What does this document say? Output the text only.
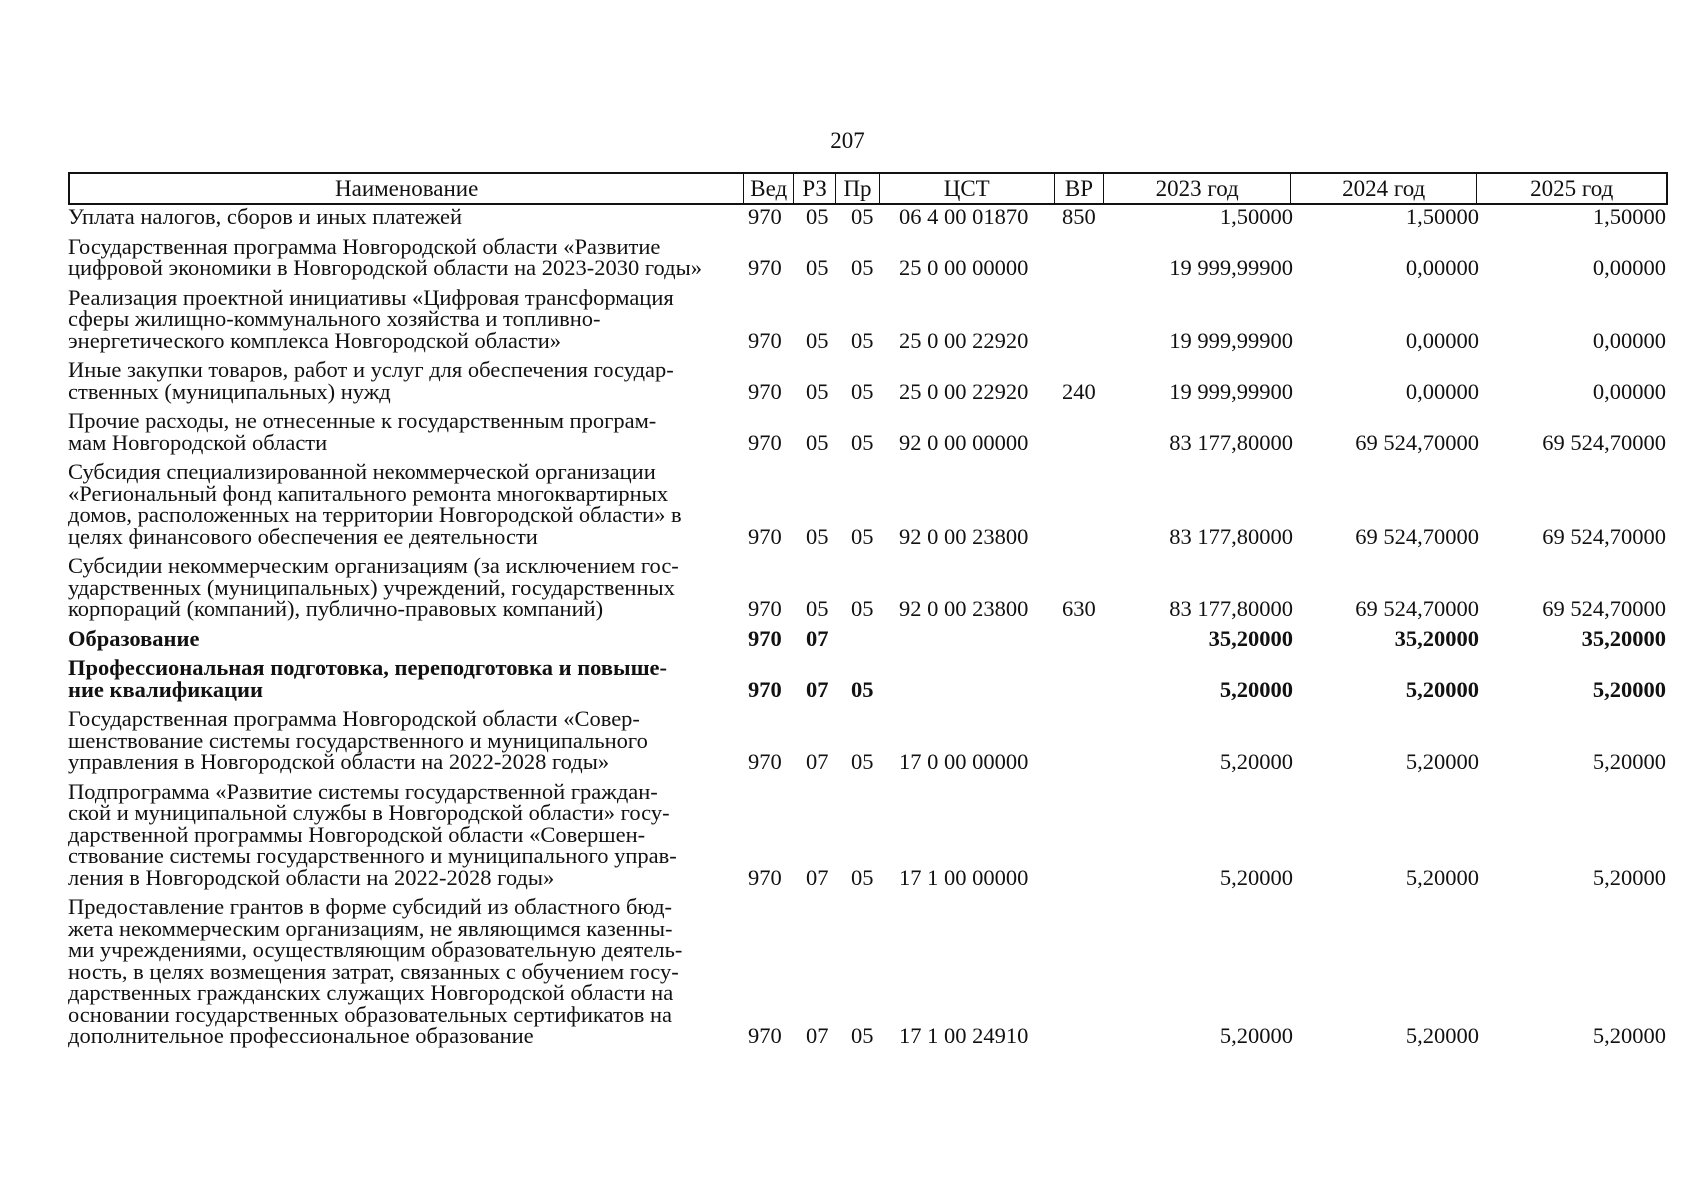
207
Наименование	Вед РЗ Пр	ЦСТ	ВР	2023 год	2024 год	2025 год
Уплата налогов, сборов и иных платежей	970	05	05	06 4 00 01870	850	1,50000	1,50000	1,50000
Государственная программа Новгородской области «Развитие
цифровой экономики в Новгородской области на 2023-2030 годы»	970	05	05	25 0 00 00000	19 999,99900	0,00000	0,00000
Реализация проектной инициативы «Цифровая трансформация
сферы жилищно-коммунального хозяйства и топливно-
энергетического комплекса Новгородской области»	970	05	05	25 0 00 22920	19 999,99900	0,00000	0,00000
Иные закупки товаров, работ и услуг для обеспечения государ-
ственных (муниципальных) нужд	970	05	05	25 0 00 22920	240	19 999,99900	0,00000	0,00000
Прочие расходы, не отнесенные к государственным програм-
мам Новгородской области	970	05	05	92 0 00 00000	83 177,80000	69 524,70000	69 524,70000
Субсидия специализированной некоммерческой организации
«Региональный фонд капитального ремонта многоквартирных
домов, расположенных на территории Новгородской области» в
целях финансового обеспечения ее деятельности	970	05	05	92 0 00 23800	83 177,80000	69 524,70000	69 524,70000
Субсидии некоммерческим организациям (за исключением гос-
ударственных (муниципальных) учреждений, государственных
корпораций (компаний), публично-правовых компаний)	970	05	05	92 0 00 23800	630	83 177,80000	69 524,70000	69 524,70000
Образование	970	07	35,20000	35,20000	35,20000
Профессиональная подготовка, переподготовка и повыше-
ние квалификации	970	07	05	5,20000	5,20000	5,20000
Государственная программа Новгородской области «Совер-
шенствование системы государственного и муниципального
управления в Новгородской области на 2022-2028 годы»	970	07	05	17 0 00 00000	5,20000	5,20000	5,20000
Подпрограмма «Развитие системы государственной граждан-
ской и муниципальной службы в Новгородской области» госу-
дарственной программы Новгородской области «Совершен-
ствование системы государственного и муниципального управ-
ления в Новгородской области на 2022-2028 годы»	970	07	05	17 1 00 00000	5,20000	5,20000	5,20000
Предоставление грантов в форме субсидий из областного бюд-
жета некоммерческим организациям, не являющимся казенны-
ми учреждениями, осуществляющим образовательную деятель-
ность, в целях возмещения затрат, связанных с обучением госу-
дарственных гражданских служащих Новгородской области на
основании государственных образовательных сертификатов на
дополнительное профессиональное образование	970	07	05	17 1 00 24910	5,20000	5,20000	5,20000
